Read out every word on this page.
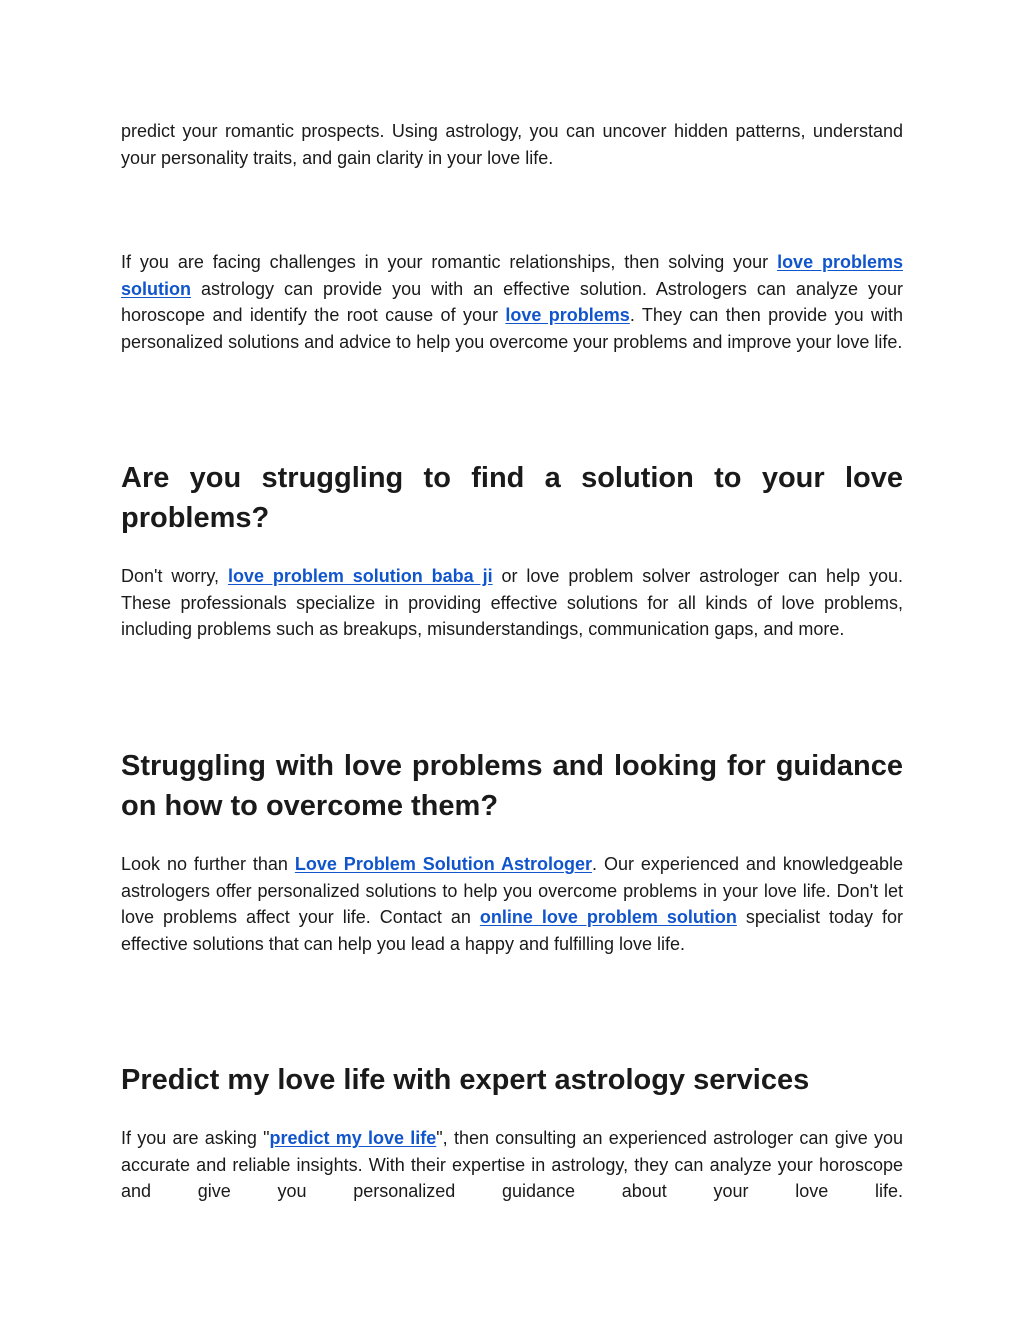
predict your romantic prospects. Using astrology, you can uncover hidden patterns, understand your personality traits, and gain clarity in your love life.

If you are facing challenges in your romantic relationships, then solving your love problems solution astrology can provide you with an effective solution. Astrologers can analyze your horoscope and identify the root cause of your love problems. They can then provide you with personalized solutions and advice to help you overcome your problems and improve your love life.

Are you struggling to find a solution to your love problems?

Don't worry, love problem solution baba ji or love problem solver astrologer can help you. These professionals specialize in providing effective solutions for all kinds of love problems, including problems such as breakups, misunderstandings, communication gaps, and more.

Struggling with love problems and looking for guidance on how to overcome them?

Look no further than Love Problem Solution Astrologer. Our experienced and knowledgeable astrologers offer personalized solutions to help you overcome problems in your love life. Don't let love problems affect your life. Contact an online love problem solution specialist today for effective solutions that can help you lead a happy and fulfilling love life.

Predict my love life with expert astrology services

If you are asking "predict my love life", then consulting an experienced astrologer can give you accurate and reliable insights. With their expertise in astrology, they can analyze your horoscope and give you personalized guidance about your love life.
